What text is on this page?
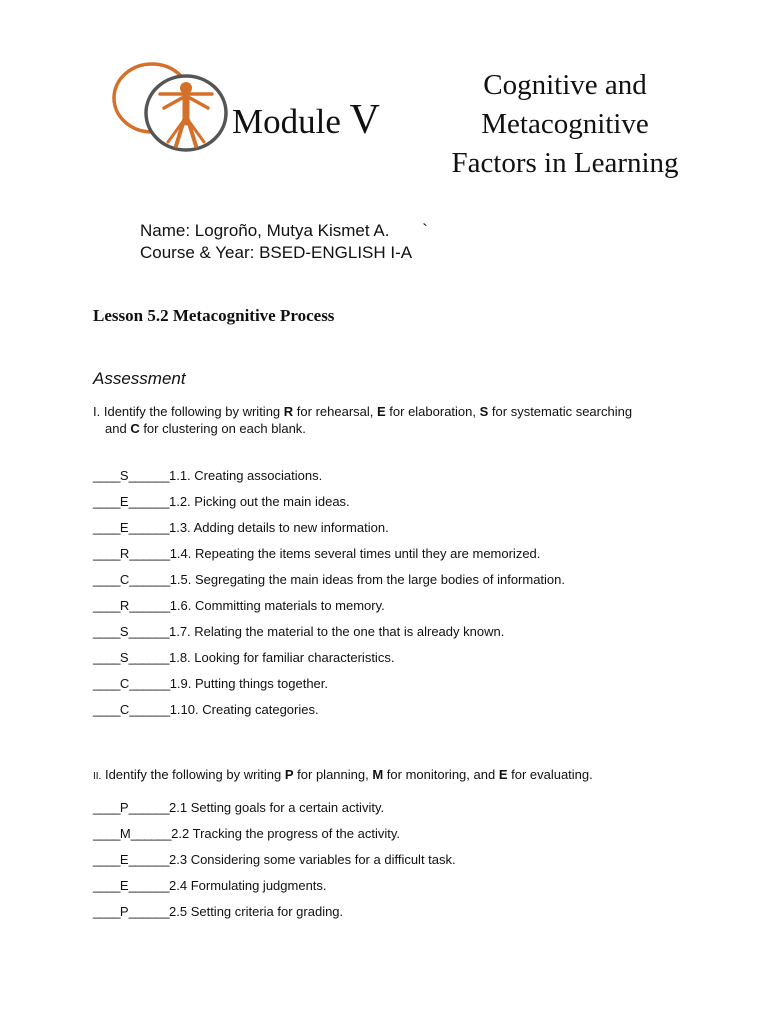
Module V
Cognitive and
Metacognitive
Factors in Learning
Name: Logroño, Mutya Kismet A. `
Course & Year: BSED-ENGLISH I-A
Lesson 5.2 Metacognitive Process
Assessment
I. Identify the following by writing R for rehearsal, E for elaboration, S for systematic searching
and C for clustering on each blank.
____S______1.1. Creating associations.
____E______1.2. Picking out the main ideas.
____E______1.3. Adding details to new information.
____R______1.4. Repeating the items several times until they are memorized.
____C______1.5. Segregating the main ideas from the large bodies of information.
____R______1.6. Committing materials to memory.
____S______1.7. Relating the material to the one that is already known.
____S______1.8. Looking for familiar characteristics.
____C______1.9. Putting things together.
____C______1.10. Creating categories.
II. Identify the following by writing P for planning, M for monitoring, and E for evaluating.
____P______2.1 Setting goals for a certain activity.
____M______2.2 Tracking the progress of the activity.
____E______2.3 Considering some variables for a difficult task.
____E______2.4 Formulating judgments.
____P______2.5 Setting criteria for grading.
